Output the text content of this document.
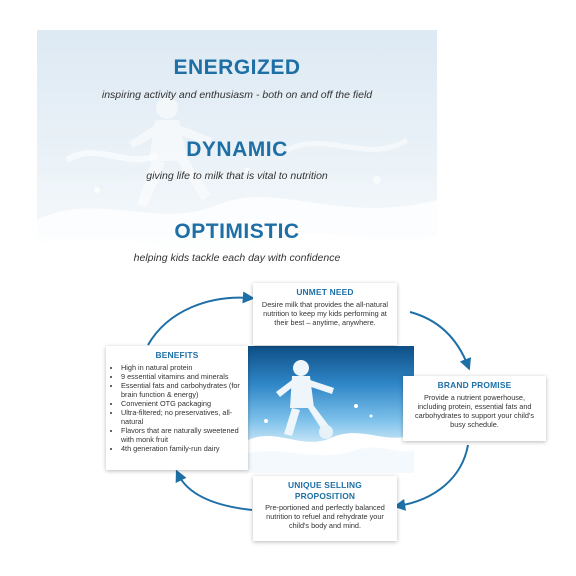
ENERGIZED

inspiring activity and enthusiasm - both on and off the field

DYNAMIC

giving life to milk that is vital to nutrition

OPTIMISTIC

helping kids tackle each day with confidence

UNMET NEED
Desire milk that provides the all-natural nutrition to keep my kids performing at their best – anytime, anywhere.
BRAND PROMISE
Provide a nutrient powerhouse, including protein, essential fats and carbohydrates to support your child's busy schedule.
UNIQUE SELLING PROPOSITION
Pre-portioned and perfectly balanced nutrition to refuel and rehydrate your child's body and mind.
BENEFITS
• High in natural protein
• 9 essential vitamins and minerals
• Essential fats and carbohydrates (for brain function & energy)
• Convenient OTG packaging
• Ultra-filtered; no preservatives, all-natural
• Flavors that are naturally sweetened with monk fruit
• 4th generation family-run dairy
